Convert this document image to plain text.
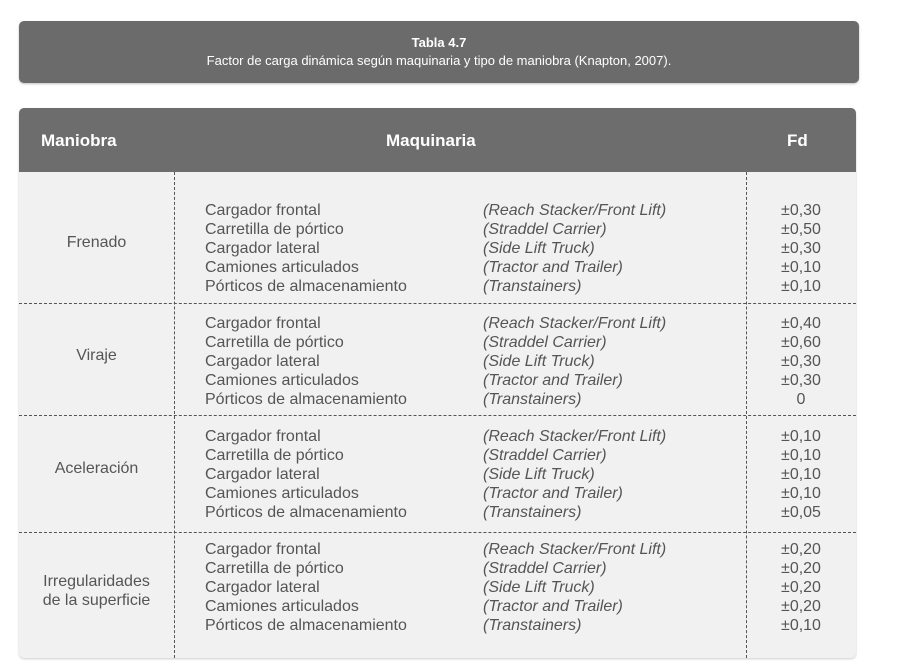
Tabla 4.7
Factor de carga dinámica según maquinaria y tipo de maniobra (Knapton, 2007).
Maniobra	Maquinaria	Fd
Frenado
Cargador frontal	(Reach Stacker/Front Lift)	±0,30
Carretilla de pórtico	(Straddel Carrier)	±0,50
Cargador lateral	(Side Lift Truck)	±0,30
Camiones articulados	(Tractor and Trailer)	±0,10
Pórticos de almacenamiento	(Transtainers)	±0,10
Viraje
Cargador frontal	(Reach Stacker/Front Lift)	±0,40
Carretilla de pórtico	(Straddel Carrier)	±0,60
Cargador lateral	(Side Lift Truck)	±0,30
Camiones articulados	(Tractor and Trailer)	±0,30
Pórticos de almacenamiento	(Transtainers)	0
Aceleración
Cargador frontal	(Reach Stacker/Front Lift)	±0,10
Carretilla de pórtico	(Straddel Carrier)	±0,10
Cargador lateral	(Side Lift Truck)	±0,10
Camiones articulados	(Tractor and Trailer)	±0,10
Pórticos de almacenamiento	(Transtainers)	±0,05
Irregularidades
de la superficie
Cargador frontal	(Reach Stacker/Front Lift)	±0,20
Carretilla de pórtico	(Straddel Carrier)	±0,20
Cargador lateral	(Side Lift Truck)	±0,20
Camiones articulados	(Tractor and Trailer)	±0,20
Pórticos de almacenamiento	(Transtainers)	±0,10
